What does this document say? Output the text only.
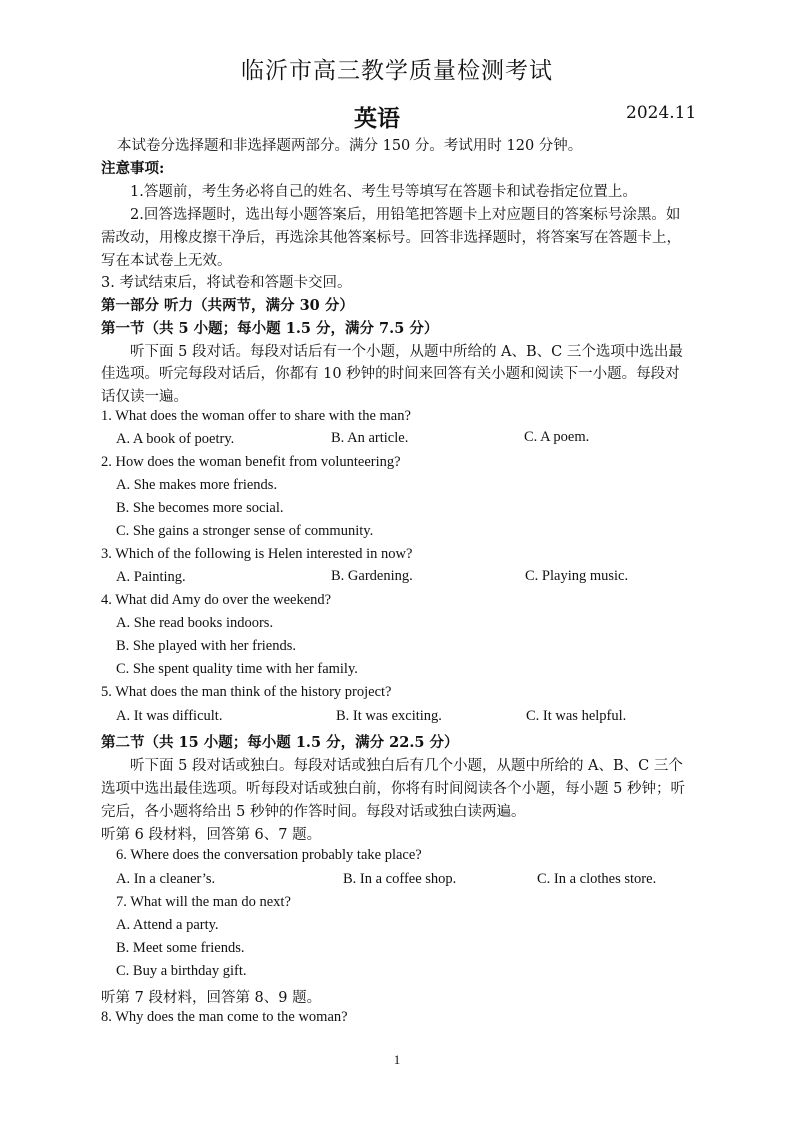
临沂市高三教学质量检测考试
英语	2024.11
本试卷分选择题和非选择题两部分。满分 150 分。考试用时 120 分钟。
注意事项:
1.答题前，考生务必将自己的姓名、考生号等填写在答题卡和试卷指定位置上。
2.回答选择题时，选出每小题答案后，用铅笔把答题卡上对应题目的答案标号涂黑。如
需改动，用橡皮擦干净后，再选涂其他答案标号。回答非选择题时，将答案写在答题卡上，
写在本试卷上无效。
3. 考试结束后，将试卷和答题卡交回。
第一部分 听力（共两节，满分 30 分）
第一节（共 5 小题；每小题 1.5 分，满分 7.5 分）
听下面 5 段对话。每段对话后有一个小题，从题中所给的 A、B、C 三个选项中选出最
佳选项。听完每段对话后，你都有 10 秒钟的时间来回答有关小题和阅读下一小题。每段对
话仅读一遍。
1. What does the woman offer to share with the man?
A. A book of poetry.	B. An article.	C. A poem.
2. How does the woman benefit from volunteering?
A. She makes more friends.
B. She becomes more social.
C. She gains a stronger sense of community.
3. Which of the following is Helen interested in now?
A. Painting.	B. Gardening.	C. Playing music.
4. What did Amy do over the weekend?
A. She read books indoors.
B. She played with her friends.
C. She spent quality time with her family.
5. What does the man think of the history project?
A. It was difficult.	B. It was exciting.	C. It was helpful.
第二节（共 15 小题；每小题 1.5 分，满分 22.5 分）
听下面 5 段对话或独白。每段对话或独白后有几个小题，从题中所给的 A、B、C 三个
选项中选出最佳选项。听每段对话或独白前，你将有时间阅读各个小题，每小题 5 秒钟；听
完后，各小题将给出 5 秒钟的作答时间。每段对话或独白读两遍。
听第 6 段材料，回答第 6、7 题。
6. Where does the conversation probably take place?
A. In a cleaner’s.	B. In a coffee shop.	C. In a clothes store.
7. What will the man do next?
A. Attend a party.
B. Meet some friends.
C. Buy a birthday gift.
听第 7 段材料，回答第 8、9 题。
8. Why does the man come to the woman?
1
